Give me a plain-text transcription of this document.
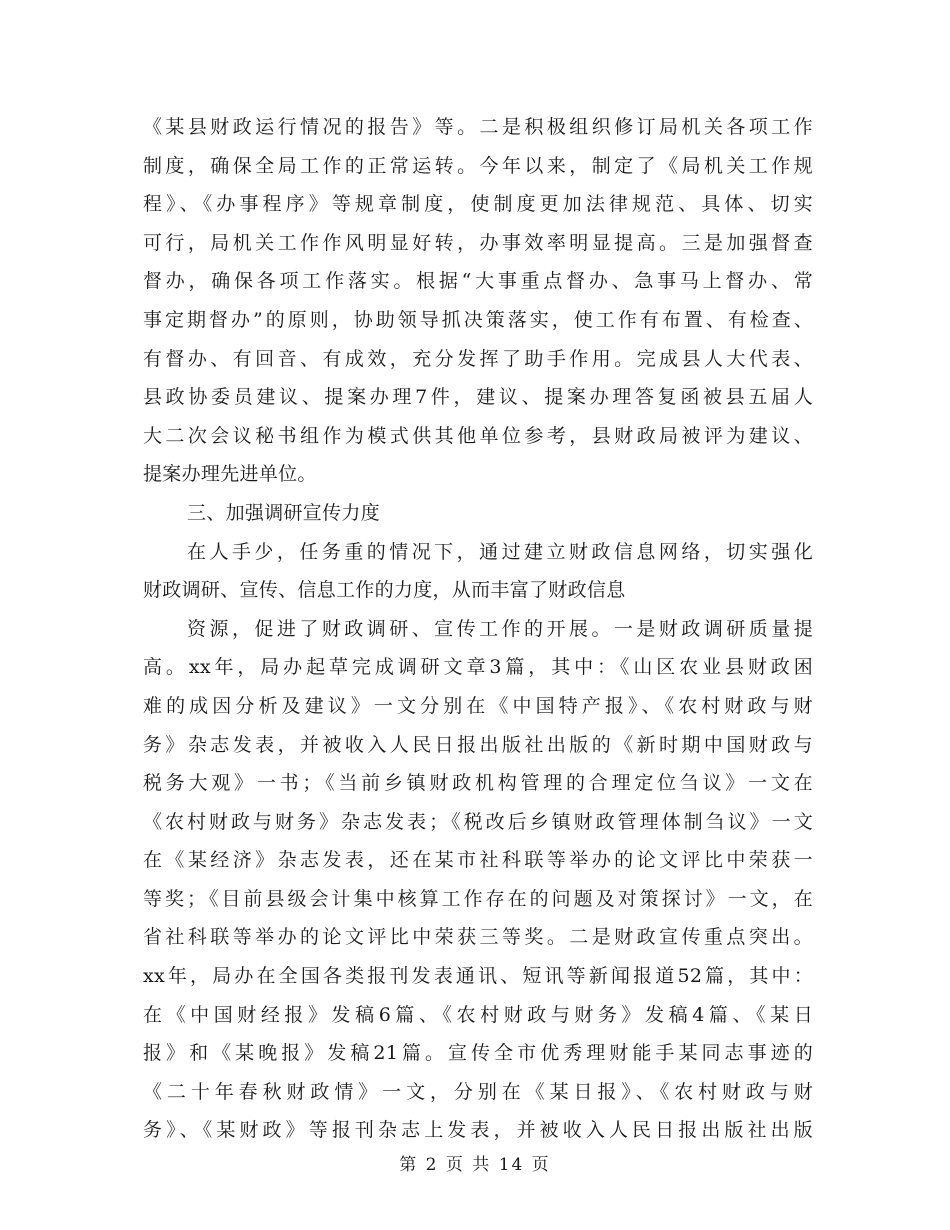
《某县财政运行情况的报告》等。二是积极组织修订局机关各项工作
制度，确保全局工作的正常运转。今年以来，制定了《局机关工作规
程》、《办事程序》等规章制度，使制度更加法律规范、具体、切实
可行，局机关工作作风明显好转，办事效率明显提高。三是加强督查
督办，确保各项工作落实。根据“大事重点督办、急事马上督办、常
事定期督办”的原则，协助领导抓决策落实，使工作有布置、有检查、
有督办、有回音、有成效，充分发挥了助手作用。完成县人大代表、
县政协委员建议、提案办理7件，建议、提案办理答复函被县五届人
大二次会议秘书组作为模式供其他单位参考，县财政局被评为建议、
提案办理先进单位。
三、加强调研宣传力度
在人手少，任务重的情况下，通过建立财政信息网络，切实强化
财政调研、宣传、信息工作的力度，从而丰富了财政信息
资源，促进了财政调研、宣传工作的开展。一是财政调研质量提
高。xx年，局办起草完成调研文章3篇，其中：《山区农业县财政困
难的成因分析及建议》一文分别在《中国特产报》、《农村财政与财
务》杂志发表，并被收入人民日报出版社出版的《新时期中国财政与
税务大观》一书；《当前乡镇财政机构管理的合理定位刍议》一文在
《农村财政与财务》杂志发表；《税改后乡镇财政管理体制刍议》一文
在《某经济》杂志发表，还在某市社科联等举办的论文评比中荣获一
等奖；《目前县级会计集中核算工作存在的问题及对策探讨》一文，在
省社科联等举办的论文评比中荣获三等奖。二是财政宣传重点突出。
xx年，局办在全国各类报刊发表通讯、短讯等新闻报道52篇，其中：
在《中国财经报》发稿6篇、《农村财政与财务》发稿4篇、《某日
报》和《某晚报》发稿21篇。宣传全市优秀理财能手某同志事迹的
《二十年春秋财政情》一文，分别在《某日报》、《农村财政与财
务》、《某财政》等报刊杂志上发表，并被收入人民日报出版社出版
第 2 页 共 14 页
